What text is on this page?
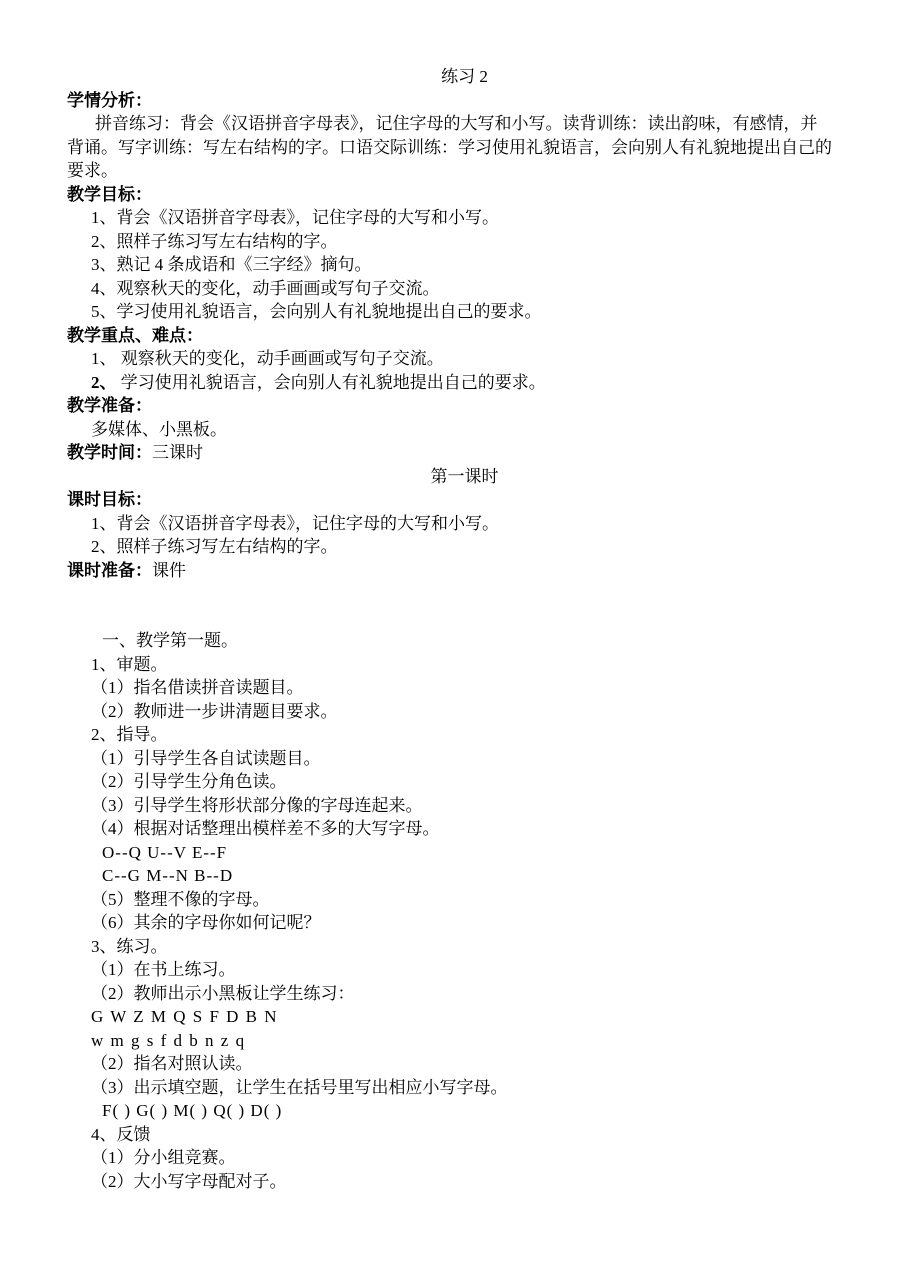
练习 2
学情分析：
拼音练习：背会《汉语拼音字母表》，记住字母的大写和小写。读背训练：读出韵味，有感情，并
背诵。写字训练：写左右结构的字。口语交际训练：学习使用礼貌语言，会向别人有礼貌地提出自己的
要求。
教学目标：
1、背会《汉语拼音字母表》，记住字母的大写和小写。
2、照样子练习写左右结构的字。
3、熟记 4 条成语和《三字经》摘句。
4、观察秋天的变化，动手画画或写句子交流。
5、学习使用礼貌语言，会向别人有礼貌地提出自己的要求。
教学重点、难点：
1、 观察秋天的变化，动手画画或写句子交流。
2、 学习使用礼貌语言，会向别人有礼貌地提出自己的要求。
教学准备：
多媒体、小黑板。
教学时间：三课时
第一课时
课时目标：
1、背会《汉语拼音字母表》，记住字母的大写和小写。
2、照样子练习写左右结构的字。
课时准备：课件
一、教学第一题。
1、审题。
（1）指名借读拼音读题目。
（2）教师进一步讲清题目要求。
2、指导。
（1）引导学生各自试读题目。
（2）引导学生分角色读。
（3）引导学生将形状部分像的字母连起来。
（4）根据对话整理出模样差不多的大写字母。
O--Q U--V E--F
C--G M--N B--D
（5）整理不像的字母。
（6）其余的字母你如何记呢？
3、练习。
（1）在书上练习。
（2）教师出示小黑板让学生练习：
G W Z M Q S F D B N
w m g s f d b n z q
（2）指名对照认读。
（3）出示填空题，让学生在括号里写出相应小写字母。
F( ) G( ) M( ) Q( ) D( )
4、反馈
（1）分小组竞赛。
（2）大小写字母配对子。
